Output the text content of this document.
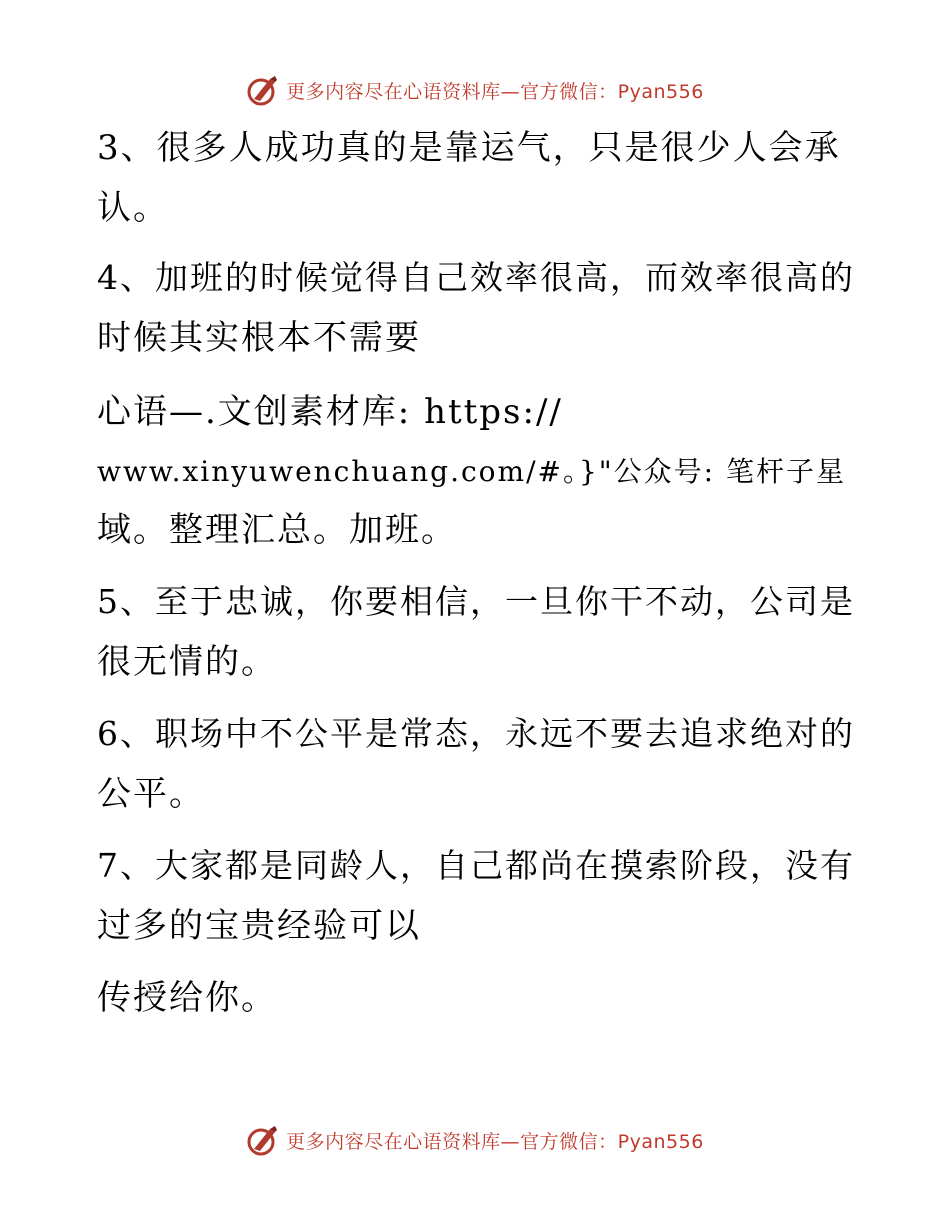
更多内容尽在心语资料库—官方微信：Pyan556
3、很多人成功真的是靠运气，只是很少人会承
认。
4、加班的时候觉得自己效率很高，而效率很高的
时候其实根本不需要
心语—.文创素材库: https://
www.xinyuwenchuang.com/#。}"公众号: 笔杆子星
域。整理汇总。加班。
5、至于忠诚，你要相信，一旦你干不动，公司是
很无情的。
6、职场中不公平是常态，永远不要去追求绝对的
公平。
7、大家都是同龄人，自己都尚在摸索阶段，没有
过多的宝贵经验可以
传授给你。
更多内容尽在心语资料库—官方微信：Pyan556
